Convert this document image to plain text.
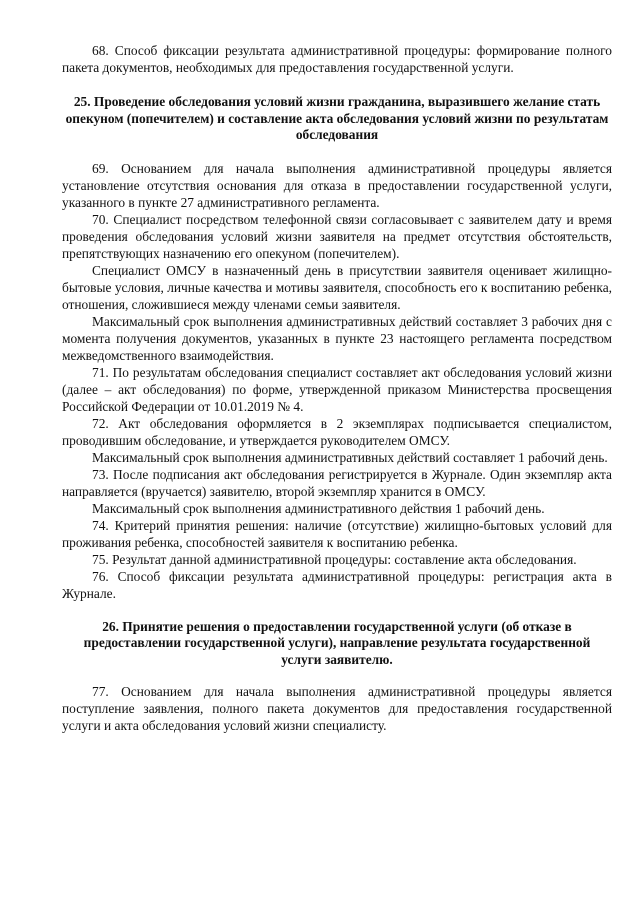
68. Способ фиксации результата административной процедуры: формирование полного пакета документов, необходимых для предоставления государственной услуги.

25. Проведение обследования условий жизни гражданина, выразившего желание стать опекуном (попечителем) и составление акта обследования условий жизни по результатам обследования

69. Основанием для начала выполнения административной процедуры является установление отсутствия основания для отказа в предоставлении государственной услуги, указанного в пункте 27 административного регламента.

70. Специалист посредством телефонной связи согласовывает с заявителем дату и время проведения обследования условий жизни заявителя на предмет отсутствия обстоятельств, препятствующих назначению его опекуном (попечителем).

Специалист ОМСУ в назначенный день в присутствии заявителя оценивает жилищно-бытовые условия, личные качества и мотивы заявителя, способность его к воспитанию ребенка, отношения, сложившиеся между членами семьи заявителя.

Максимальный срок выполнения административных действий составляет 3 рабочих дня с момента получения документов, указанных в пункте 23 настоящего регламента посредством межведомственного взаимодействия.

71. По результатам обследования специалист составляет акт обследования условий жизни (далее – акт обследования) по форме, утвержденной приказом Министерства просвещения Российской Федерации от 10.01.2019 № 4.

72. Акт обследования оформляется в 2 экземплярах подписывается специалистом, проводившим обследование, и утверждается руководителем ОМСУ.

Максимальный срок выполнения административных действий составляет 1 рабочий день.

73. После подписания акт обследования регистрируется в Журнале. Один экземпляр акта направляется (вручается) заявителю, второй экземпляр хранится в ОМСУ.

Максимальный срок выполнения административного действия 1 рабочий день.

74. Критерий принятия решения: наличие (отсутствие) жилищно-бытовых условий для проживания ребенка, способностей заявителя к воспитанию ребенка.

75. Результат данной административной процедуры: составление акта обследования.

76. Способ фиксации результата административной процедуры: регистрация акта в Журнале.

26. Принятие решения о предоставлении государственной услуги (об отказе в предоставлении государственной услуги), направление результата государственной услуги заявителю.

77. Основанием для начала выполнения административной процедуры является поступление заявления, полного пакета документов для предоставления государственной услуги и акта обследования условий жизни специалисту.
